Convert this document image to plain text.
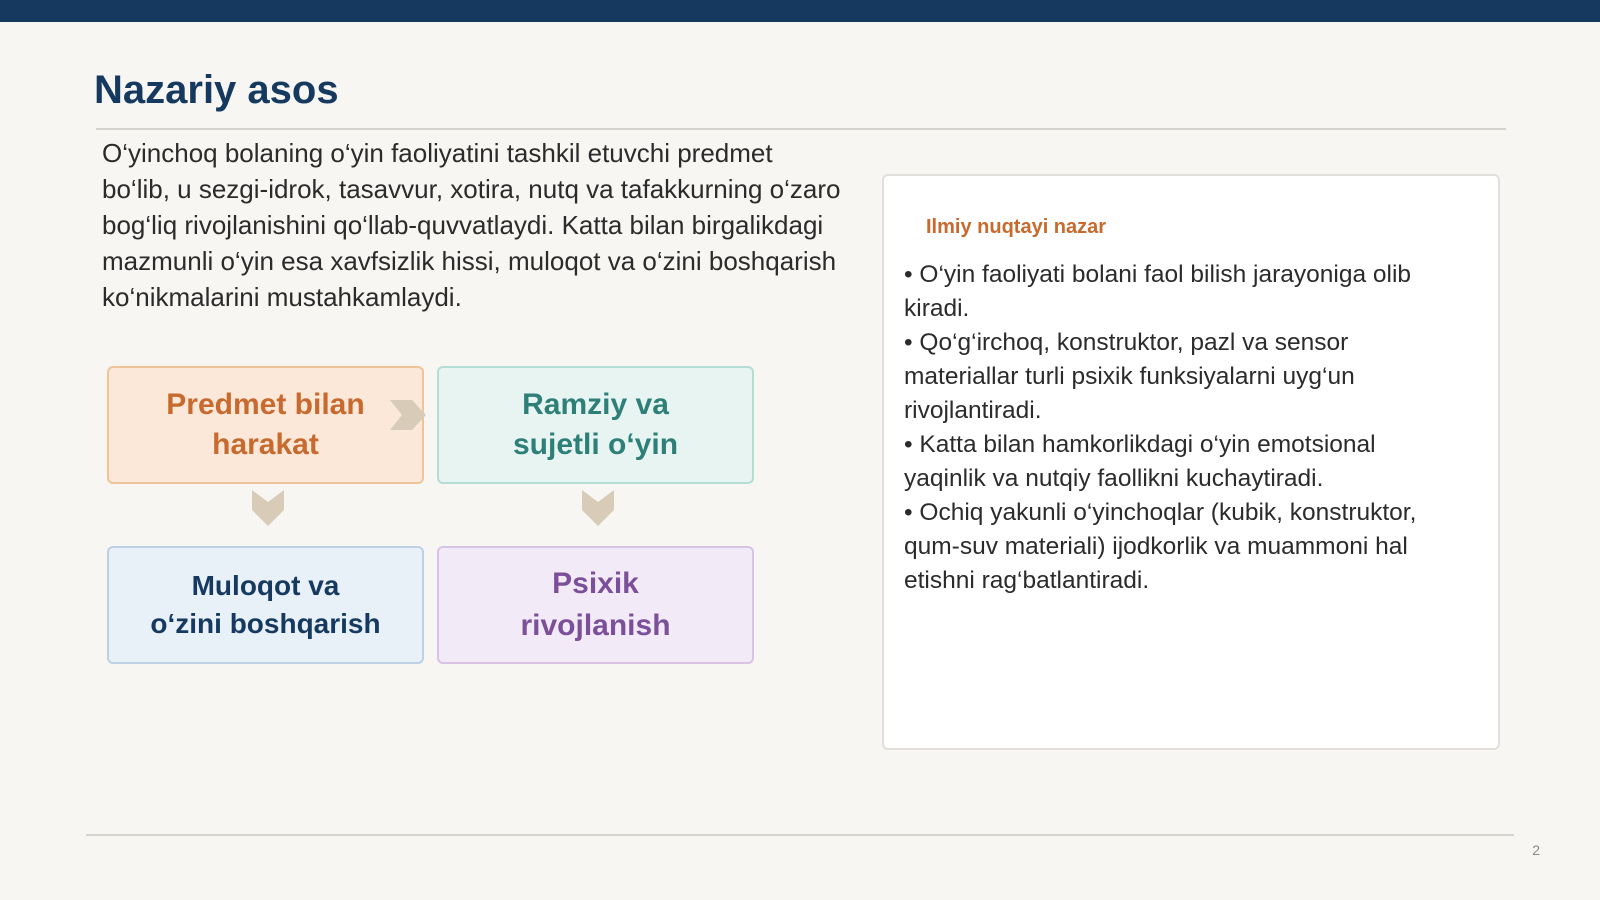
Nazariy asos

O‘yinchoq bolaning o‘yin faoliyatini tashkil etuvchi predmet bo‘lib, u sezgi-idrok, tasavvur, xotira, nutq va tafakkurning o‘zaro bog‘liq rivojlanishini qo‘llab-quvvatlaydi. Katta bilan birgalikdagi mazmunli o‘yin esa xavfsizlik hissi, muloqot va o‘zini boshqarish ko‘nikmalarini mustahkamlaydi.

Predmet bilan
harakat
Ramziy va
sujetli o‘yin
Muloqot va
o‘zini boshqarish
Psixik
rivojlanish

Ilmiy nuqtayi nazar

• O‘yin faoliyati bolani faol bilish jarayoniga olib kiradi.
• Qo‘g‘irchoq, konstruktor, pazl va sensor materiallar turli psixik funksiyalarni uyg‘un rivojlantiradi.
• Katta bilan hamkorlikdagi o‘yin emotsional yaqinlik va nutqiy faollikni kuchaytiradi.
• Ochiq yakunli o‘yinchoqlar (kubik, konstruktor, qum-suv materiali) ijodkorlik va muammoni hal etishni rag‘batlantiradi.
2
